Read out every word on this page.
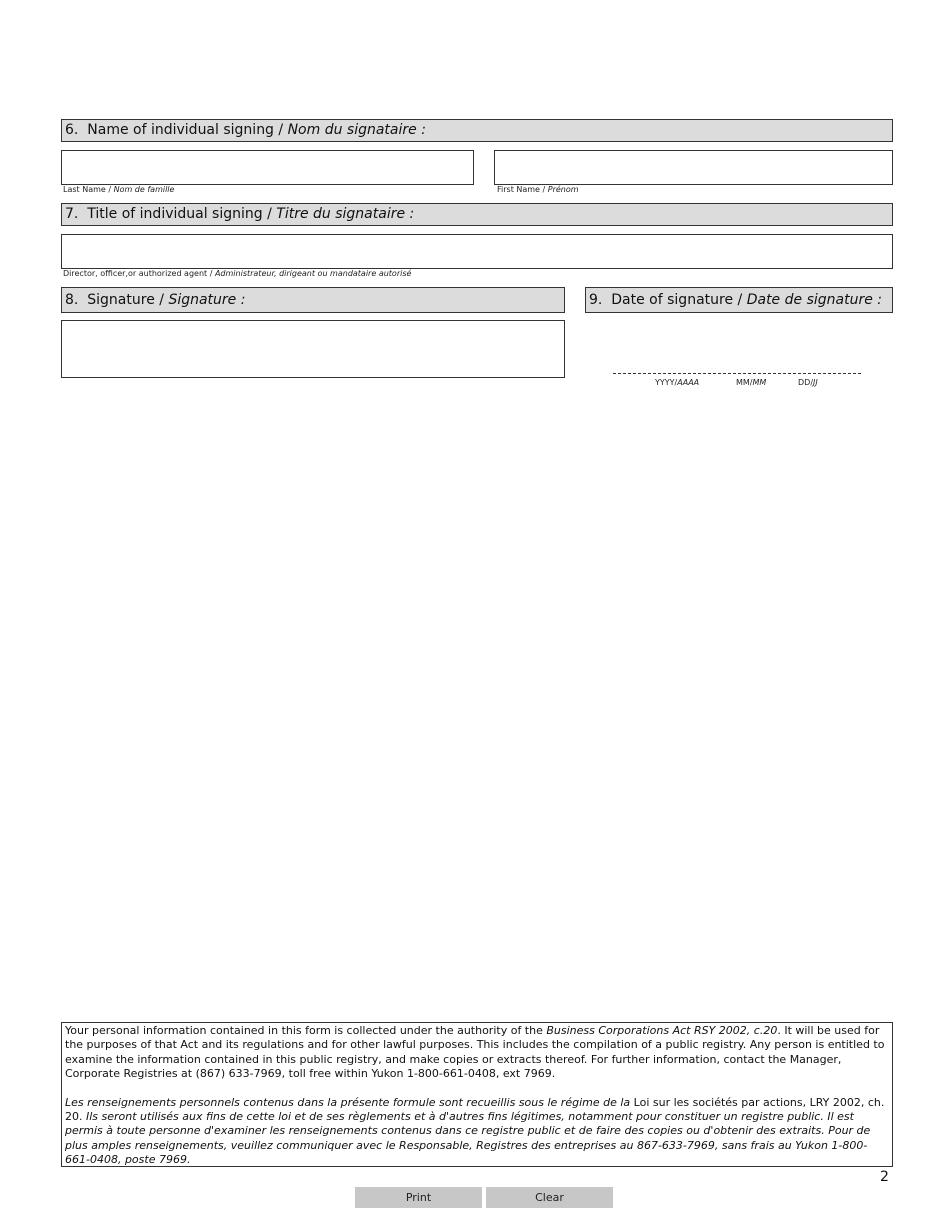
6. Name of individual signing / Nom du signataire :
Last Name / Nom de famille	First Name / Prénom
7. Title of individual signing / Titre du signataire :
Director, officer,or authorized agent / Administrateur, dirigeant ou mandataire autorisé
8. Signature / Signature :	9. Date of signature / Date de signature :
YYYY/AAAA	MM/MM	DD/JJ

Your personal information contained in this form is collected under the authority of the Business Corporations Act RSY 2002, c.20. It will be used for the purposes of that Act and its regulations and for other lawful purposes. This includes the compilation of a public registry. Any person is entitled to examine the information contained in this public registry, and make copies or extracts thereof. For further information, contact the Manager, Corporate Registries at (867) 633-7969, toll free within Yukon 1-800-661-0408, ext 7969.

Les renseignements personnels contenus dans la présente formule sont recueillis sous le régime de la Loi sur les sociétés par actions, LRY 2002, ch. 20. Ils seront utilisés aux fins de cette loi et de ses règlements et à d'autres fins légitimes, notamment pour constituer un registre public. Il est permis à toute personne d'examiner les renseignements contenus dans ce registre public et de faire des copies ou d'obtenir des extraits. Pour de plus amples renseignements, veuillez communiquer avec le Responsable, Registres des entreprises au 867-633-7969, sans frais au Yukon 1-800-661-0408, poste 7969.

2
Print	Clear
